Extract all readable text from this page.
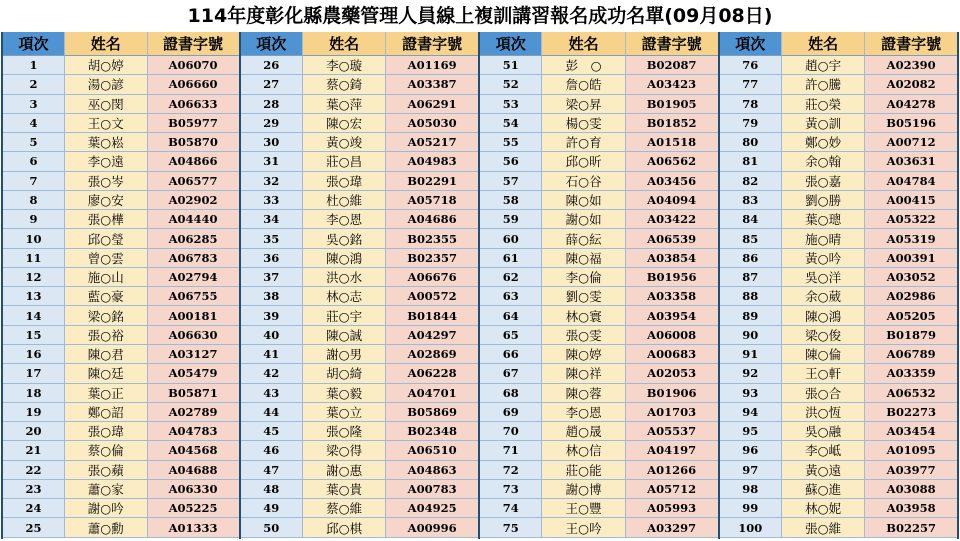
114年度彰化縣農藥管理人員線上複訓講習報名成功名單(09月08日)
項次	姓名	證書字號
1	胡○婷	A06070
2	湯○諺	A06660
3	巫○閔	A06633
4	王○文	B05977
5	葉○崧	B05870
6	李○遠	A04866
7	張○岑	A06577
8	廖○安	A02902
9	張○樺	A04440
10	邱○瑩	A06285
11	曾○雲	A06783
12	施○山	A02794
13	藍○豪	A06755
14	梁○銘	A00181
15	張○裕	A06630
16	陳○君	A03127
17	陳○廷	A05479
18	葉○正	B05871
19	鄭○詔	A02789
20	張○瑋	A04783
21	蔡○倫	A04568
22	張○蘋	A04688
23	蕭○家	A06330
24	謝○吟	A05225
25	蕭○勳	A01333
項次	姓名	證書字號
26	李○璇	A01169
27	蔡○錡	A03387
28	葉○萍	A06291
29	陳○宏	A05030
30	黃○竣	A05217
31	莊○昌	A04983
32	張○瑋	B02291
33	杜○維	A05718
34	李○恩	A04686
35	吳○銘	B02355
36	陳○鴻	B02357
37	洪○水	A06676
38	林○志	A00572
39	莊○宇	B01844
40	陳○誠	A04297
41	謝○男	A02869
42	胡○綺	A06228
43	葉○毅	A04701
44	葉○立	B05869
45	張○隆	B02348
46	梁○得	A06510
47	謝○惠	A04863
48	葉○貴	A00783
49	蔡○維	A04925
50	邱○棋	A00996
項次	姓名	證書字號
51	彭　○	B02087
52	詹○皓	A03423
53	梁○昇	B01905
54	楊○雯	B01852
55	許○育	A01518
56	邱○昕	A06562
57	石○谷	A03456
58	陳○如	A04094
59	謝○如	A03422
60	薛○紜	A06539
61	陳○福	A03854
62	李○倫	B01956
63	劉○雯	A03358
64	林○寰	A03954
65	張○雯	A06008
66	陳○婷	A00683
67	陳○祥	A02053
68	陳○蓉	B01906
69	李○恩	A01703
70	趙○晟	A05537
71	林○信	A04197
72	莊○能	A01266
73	謝○博	A05712
74	王○豐	A05993
75	王○吟	A03297
項次	姓名	證書字號
76	趙○宇	A02390
77	許○騰	A02082
78	莊○榮	A04278
79	黃○訓	B05196
80	鄭○妙	A00712
81	余○翰	A03631
82	張○嘉	A04784
83	劉○勝	A00415
84	葉○璁	A05322
85	施○晴	A05319
86	黃○吟	A00391
87	吳○洋	A03052
88	余○葳	A02986
89	陳○鴻	A05205
90	梁○俊	B01879
91	陳○倫	A06789
92	王○軒	A03359
93	張○合	A06532
94	洪○恆	B02273
95	吳○融	A03454
96	李○岻	A01095
97	黃○遠	A03977
98	蘇○進	A03088
99	林○妮	A03958
100	張○維	B02257
